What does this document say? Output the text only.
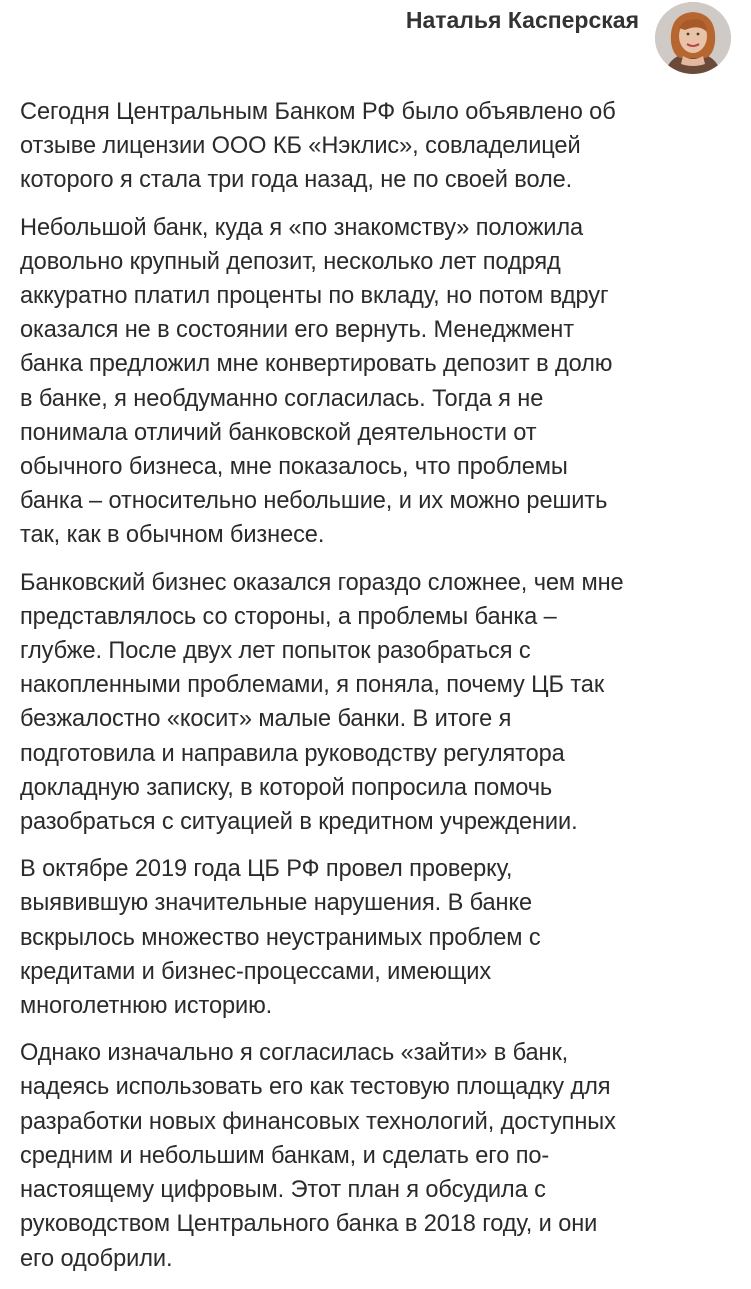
Наталья Касперская

Сегодня Центральным Банком РФ было объявлено об
отзыве лицензии ООО КБ «Нэклис», совладелицей
которого я стала три года назад, не по своей воле.

Небольшой банк, куда я «по знакомству» положила
довольно крупный депозит, несколько лет подряд
аккуратно платил проценты по вкладу, но потом вдруг
оказался не в состоянии его вернуть. Менеджмент
банка предложил мне конвертировать депозит в долю
в банке, я необдуманно согласилась. Тогда я не
понимала отличий банковской деятельности от
обычного бизнеса, мне показалось, что проблемы
банка – относительно небольшие, и их можно решить
так, как в обычном бизнесе.

Банковский бизнес оказался гораздо сложнее, чем мне
представлялось со стороны, а проблемы банка –
глубже. После двух лет попыток разобраться с
накопленными проблемами, я поняла, почему ЦБ так
безжалостно «косит» малые банки. В итоге я
подготовила и направила руководству регулятора
докладную записку, в которой попросила помочь
разобраться с ситуацией в кредитном учреждении.

В октябре 2019 года ЦБ РФ провел проверку,
выявившую значительные нарушения. В банке
вскрылось множество неустранимых проблем с
кредитами и бизнес-процессами, имеющих
многолетнюю историю.

Однако изначально я согласилась «зайти» в банк,
надеясь использовать его как тестовую площадку для
разработки новых финансовых технологий, доступных
средним и небольшим банкам, и сделать его по-
настоящему цифровым. Этот план я обсудила с
руководством Центрального банка в 2018 году, и они
его одобрили.
